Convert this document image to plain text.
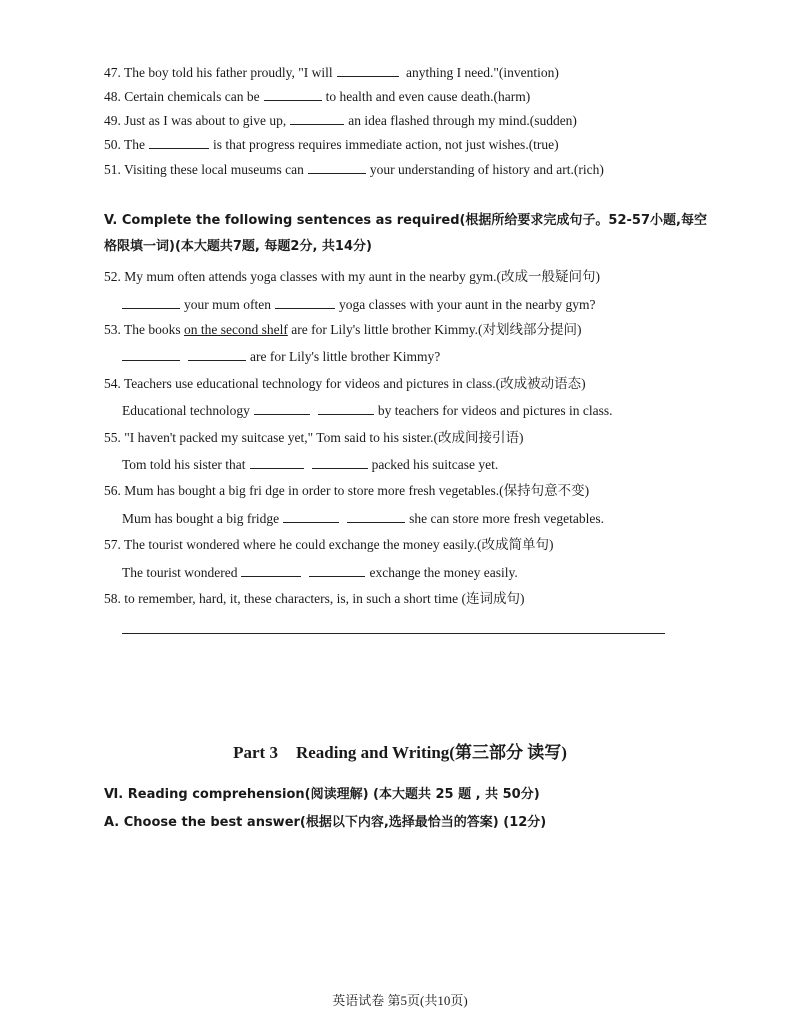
47. The boy told his father proudly, "I will	anything I need."(invention)
48. Certain chemicals can be	to health and even cause death.(harm)
49. Just as I was about to give up,	an idea flashed through my mind.(sudden)
50. The	is that progress requires immediate action, not just wishes.(true)
51. Visiting these local museums can	your understanding of history and art.(rich)
V. Complete the following sentences as required(根据所给要求完成句子。52-57小题,每空
格限填一词)(本大题共7题, 每题2分, 共14分)
52. My mum often attends yoga classes with my aunt in the nearby gym.(改成一般疑问句)
your mum often	yoga classes with your aunt in the nearby gym?
53. The books on the second shelf are for Lily's little brother Kimmy.(对划线部分提问)
are for Lily's little brother Kimmy?
54. Teachers use educational technology for videos and pictures in class.(改成被动语态)
Educational technology	by teachers for videos and pictures in class.
55. "I haven't packed my suitcase yet," Tom said to his sister.(改成间接引语)
Tom told his sister that	packed his suitcase yet.
56. Mum has bought a big fri dge in order to store more fresh vegetables.(保持句意不变)
Mum has bought a big fridge	she can store more fresh vegetables.
57. The tourist wondered where he could exchange the money easily.(改成简单句)
The tourist wondered	exchange the money easily.
58. to remember, hard, it, these characters, is, in such a short time (连词成句)
Part 3 Reading and Writing(第三部分 读写)
Ⅵ. Reading comprehension(阅读理解) (本大题共 25 题 , 共 50分)
A. Choose the best answer(根据以下内容,选择最恰当的答案) (12分)
英语试卷 第5页(共10页)
